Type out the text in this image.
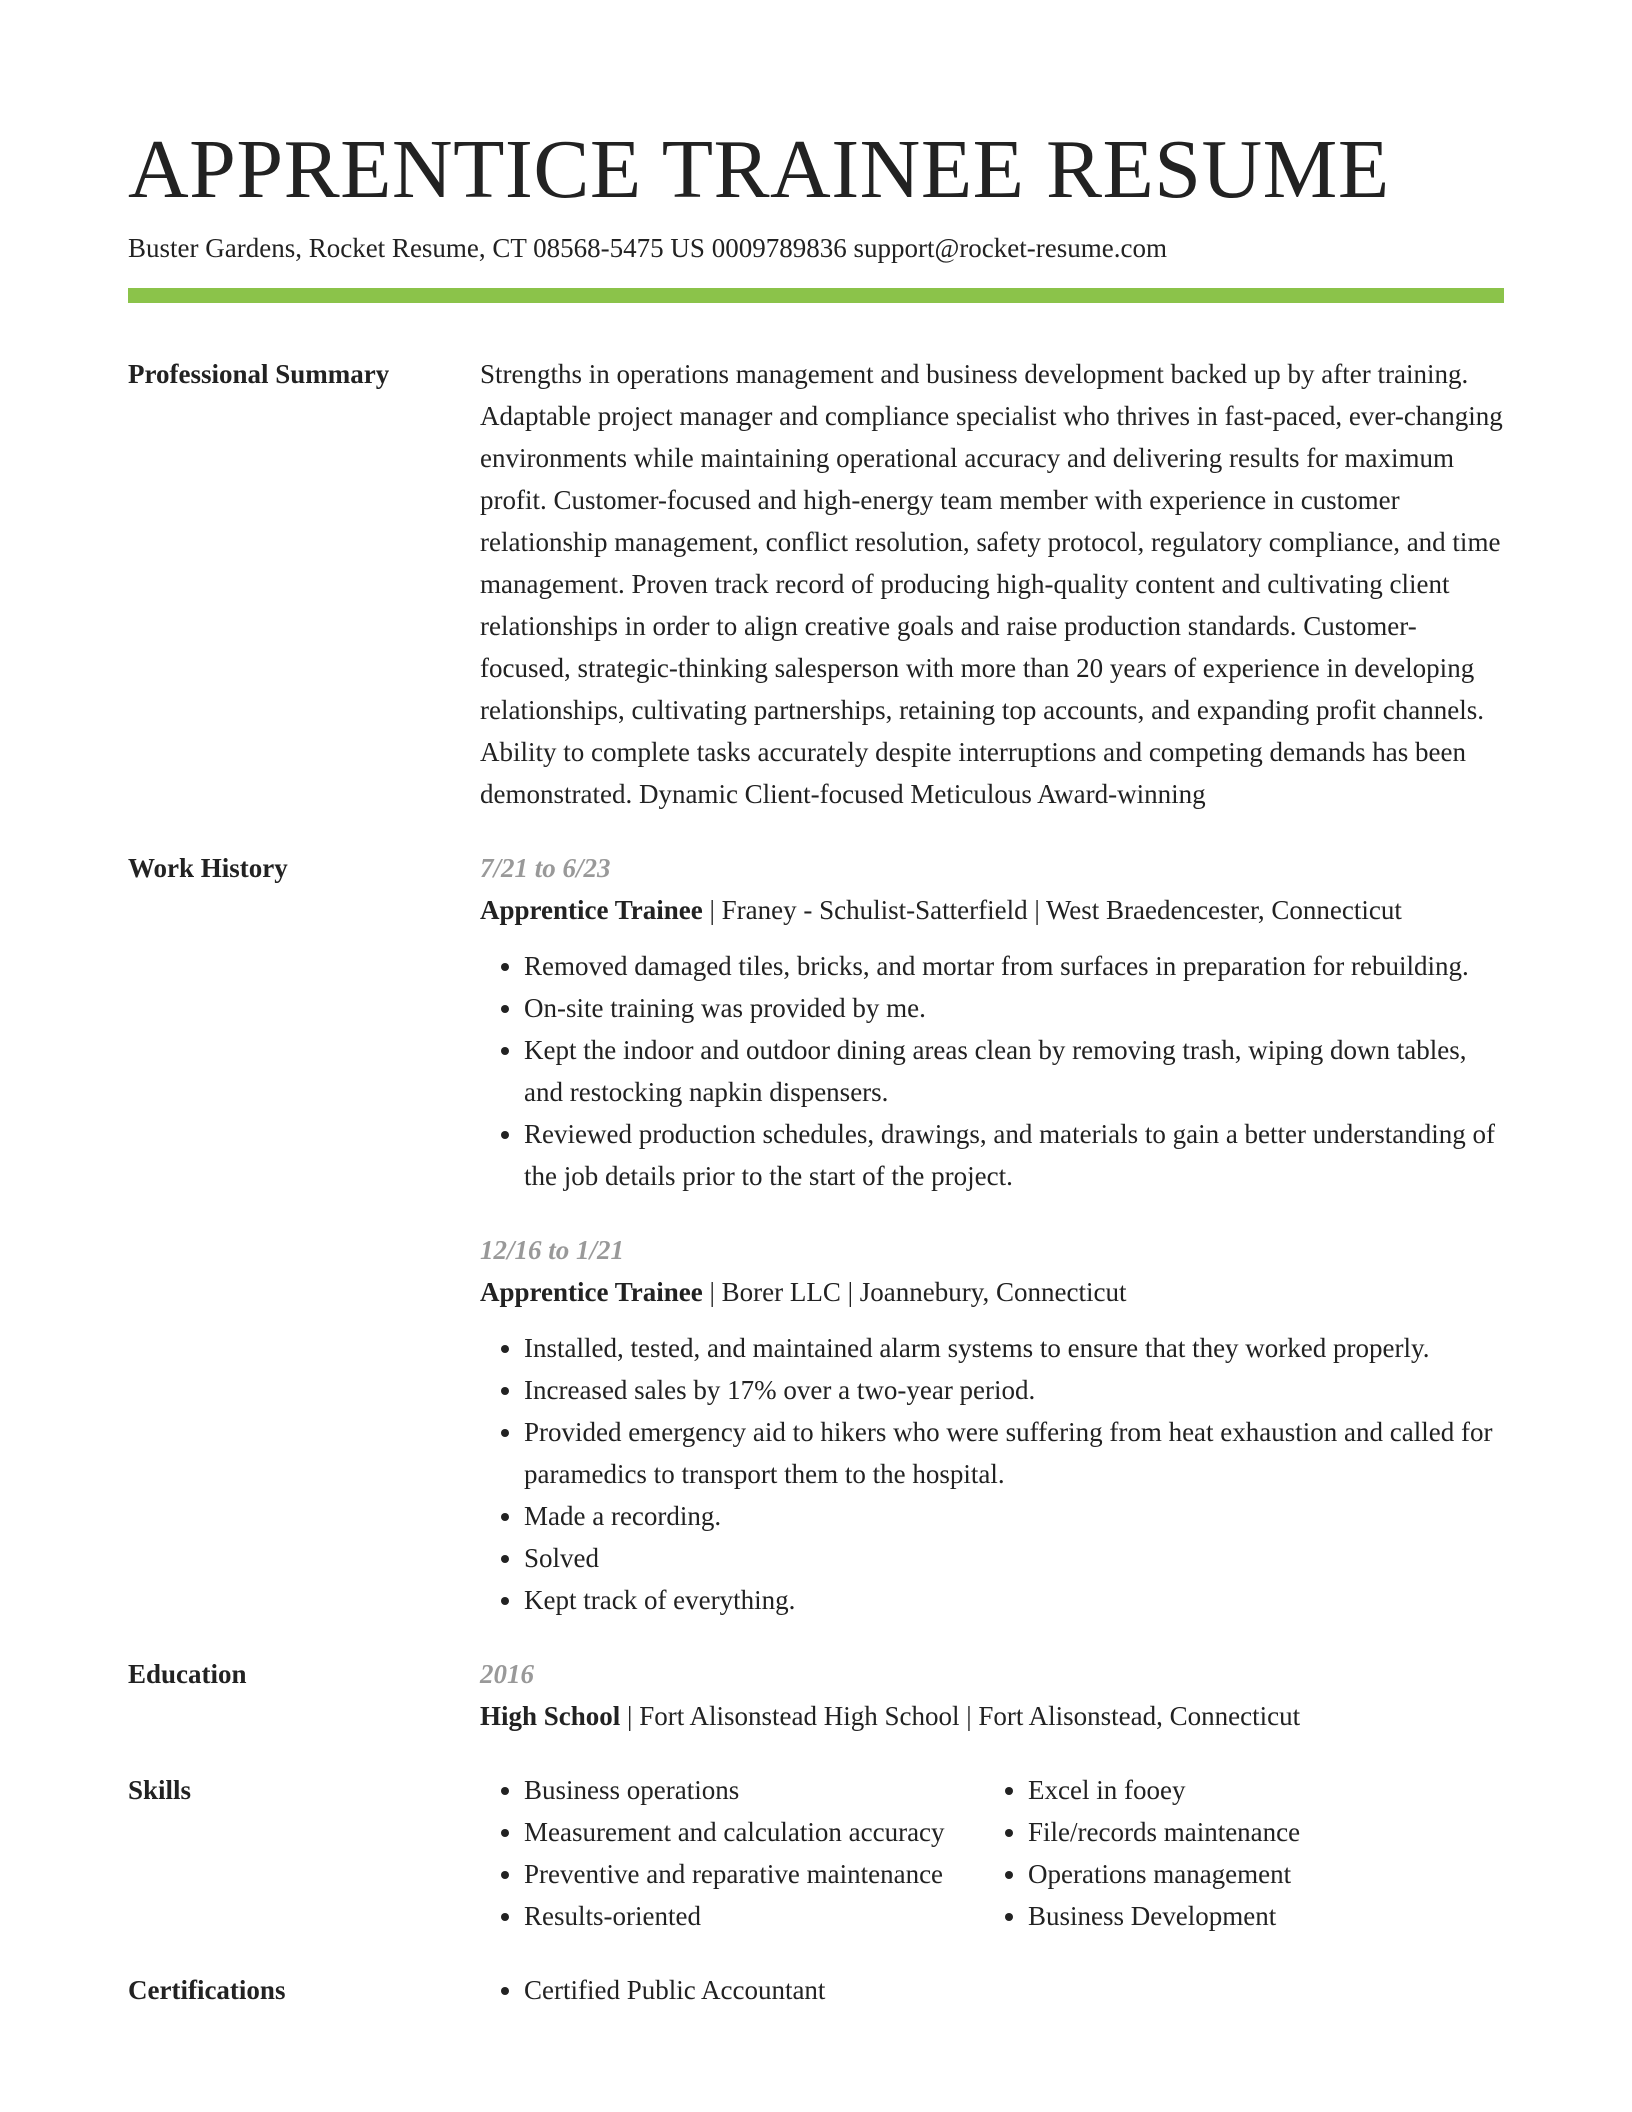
APPRENTICE TRAINEE RESUME
Buster Gardens, Rocket Resume, CT 08568-5475 US 0009789836 support@rocket-resume.com
Professional Summary	Strengths in operations management and business development backed up by after training. Adaptable project manager and compliance specialist who thrives in fast-paced, ever-changing environments while maintaining operational accuracy and delivering results for maximum profit. Customer-focused and high-energy team member with experience in customer relationship management, conflict resolution, safety protocol, regulatory compliance, and time management. Proven track record of producing high-quality content and cultivating client relationships in order to align creative goals and raise production standards. Customer-focused, strategic-thinking salesperson with more than 20 years of experience in developing relationships, cultivating partnerships, retaining top accounts, and expanding profit channels. Ability to complete tasks accurately despite interruptions and competing demands has been demonstrated. Dynamic Client-focused Meticulous Award-winning
Work History	7/21 to 6/23
Apprentice Trainee | Franey - Schulist-Satterfield | West Braedencester, Connecticut
• Removed damaged tiles, bricks, and mortar from surfaces in preparation for rebuilding.
• On-site training was provided by me.
• Kept the indoor and outdoor dining areas clean by removing trash, wiping down tables, and restocking napkin dispensers.
• Reviewed production schedules, drawings, and materials to gain a better understanding of the job details prior to the start of the project.
12/16 to 1/21
Apprentice Trainee | Borer LLC | Joannebury, Connecticut
• Installed, tested, and maintained alarm systems to ensure that they worked properly.
• Increased sales by 17% over a two-year period.
• Provided emergency aid to hikers who were suffering from heat exhaustion and called for paramedics to transport them to the hospital.
• Made a recording.
• Solved
• Kept track of everything.
Education	2016
High School | Fort Alisonstead High School | Fort Alisonstead, Connecticut
Skills	• Business operations
• Measurement and calculation accuracy
• Preventive and reparative maintenance
• Results-oriented
• Excel in fooey
• File/records maintenance
• Operations management
• Business Development
Certifications	• Certified Public Accountant
